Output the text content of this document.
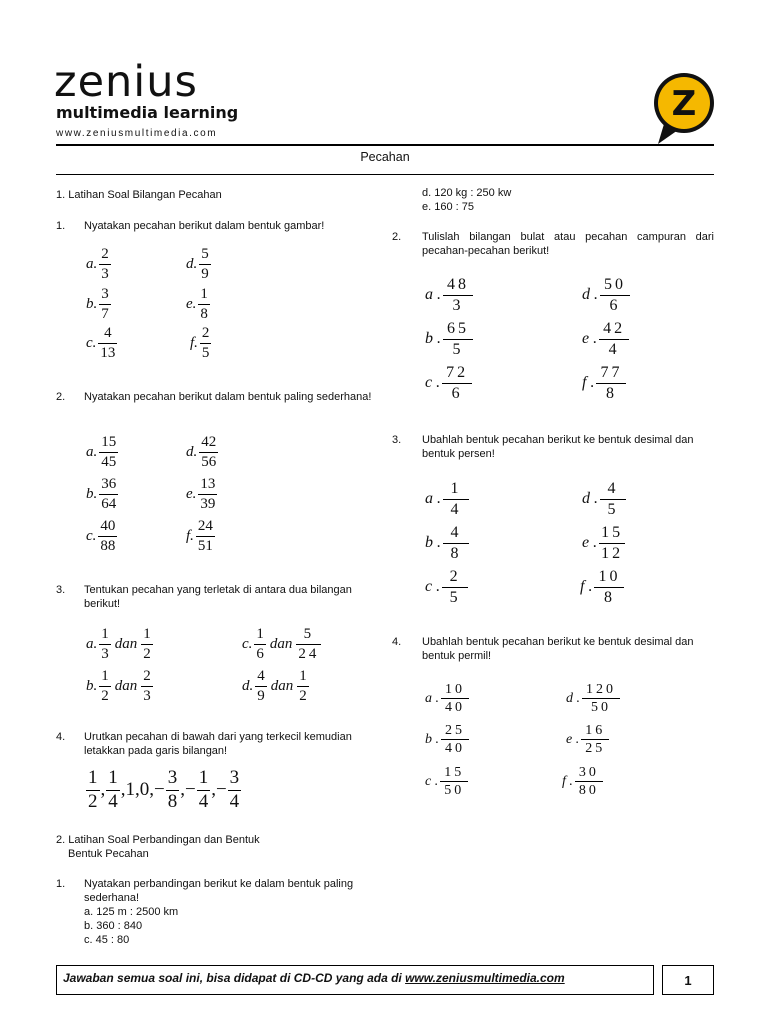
zenius
multimedia learning
www.zeniusmultimedia.com
Z
Pecahan
1. Latihan Soal Bilangan Pecahan
1. Nyatakan pecahan berikut dalam bentuk gambar!
a. $\frac{2}{3}$	d. $\frac{5}{9}$
b. $\frac{3}{7}$	e. $\frac{1}{8}$
c. $\frac{4}{13}$	f. $\frac{2}{5}$
2. Nyatakan pecahan berikut dalam bentuk paling sederhana!
a. $\frac{15}{45}$	d. $\frac{42}{56}$
b. $\frac{36}{64}$	e. $\frac{13}{39}$
c. $\frac{40}{88}$	f. $\frac{24}{51}$
3. Tentukan pecahan yang terletak di antara dua bilangan berikut!
a. $\frac{1}{3}$ dan $\frac{1}{2}$	c. $\frac{1}{6}$ dan $\frac{5}{24}$
b. $\frac{1}{2}$ dan $\frac{2}{3}$	d. $\frac{4}{9}$ dan $\frac{1}{2}$
4. Urutkan pecahan di bawah dari yang terkecil kemudian letakkan pada garis bilangan!
$\frac{1}{2}$ , $\frac{1}{4} ,1,0,- \frac{3}{8}$ ,− $\frac{1}{4}$ ,− $\frac{3}{4}$
2. Latihan Soal Perbandingan dan Bentuk
Bentuk Pecahan
1. Nyatakan perbandingan berikut ke dalam bentuk paling sederhana!
a. 125 m : 2500 km
b. 360 : 840
c. 45 : 80
d. 120 kg : 250 kw
e. 160 : 75
2. Tulislah bilangan bulat atau pecahan campuran dari pecahan-pecahan berikut!
a . $\frac{48}{3}$	d . $\frac{50}{6}$
b . $\frac{65}{5}$	e . $\frac{42}{4}$
c . $\frac{72}{6}$	f . $\frac{77}{8}$
3. Ubahlah bentuk pecahan berikut ke bentuk desimal dan bentuk persen!
a . $\frac{1}{4}$	d . $\frac{4}{5}$
b . $\frac{4}{8}$	e . $\frac{15}{12}$
c . $\frac{2}{5}$	f . $\frac{10}{8}$
4. Ubahlah bentuk pecahan berikut ke bentuk desimal dan bentuk permil!
a . $\frac{10}{40}$	d . $\frac{120}{50}$
b . $\frac{25}{40}$	e . $\frac{16}{25}$
c . $\frac{15}{50}$	f . $\frac{30}{80}$
Jawaban semua soal ini, bisa didapat di CD-CD yang ada di www.zeniusmultimedia.com	1
